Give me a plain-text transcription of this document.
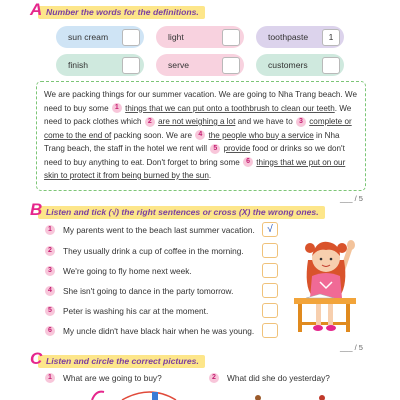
A Number the words for the definitions.
sun cream	light	toothpaste	1
finish	serve	customers
We are packing things for our summer vacation. We are going to Nha Trang beach. We need to buy some 1 things that we can put onto a toothbrush to clean our teeth. We need to pack clothes which 2 are not weighing a lot and we have to 3 complete or come to the end of packing soon. We are 4 the people who buy a service in Nha Trang beach, the staff in the hotel we rent will 5 provide food or drinks so we don't need to buy anything to eat. Don't forget to bring some 6 things that we put on our skin to protect it from being burned by the sun.
___ / 5
B Listen and tick (√) the right sentences or cross (X) the wrong ones.
1	My parents went to the beach last summer vacation.	√
2	They usually drink a cup of coffee in the morning.
3	We're going to fly home next week.
4	She isn't going to dance in the party tomorrow.
5	Peter is washing his car at the moment.
6	My uncle didn't have black hair when he was young.
___ / 5
C Listen and circle the correct pictures.
1	What are we going to buy?	2	What did she do yesterday?
